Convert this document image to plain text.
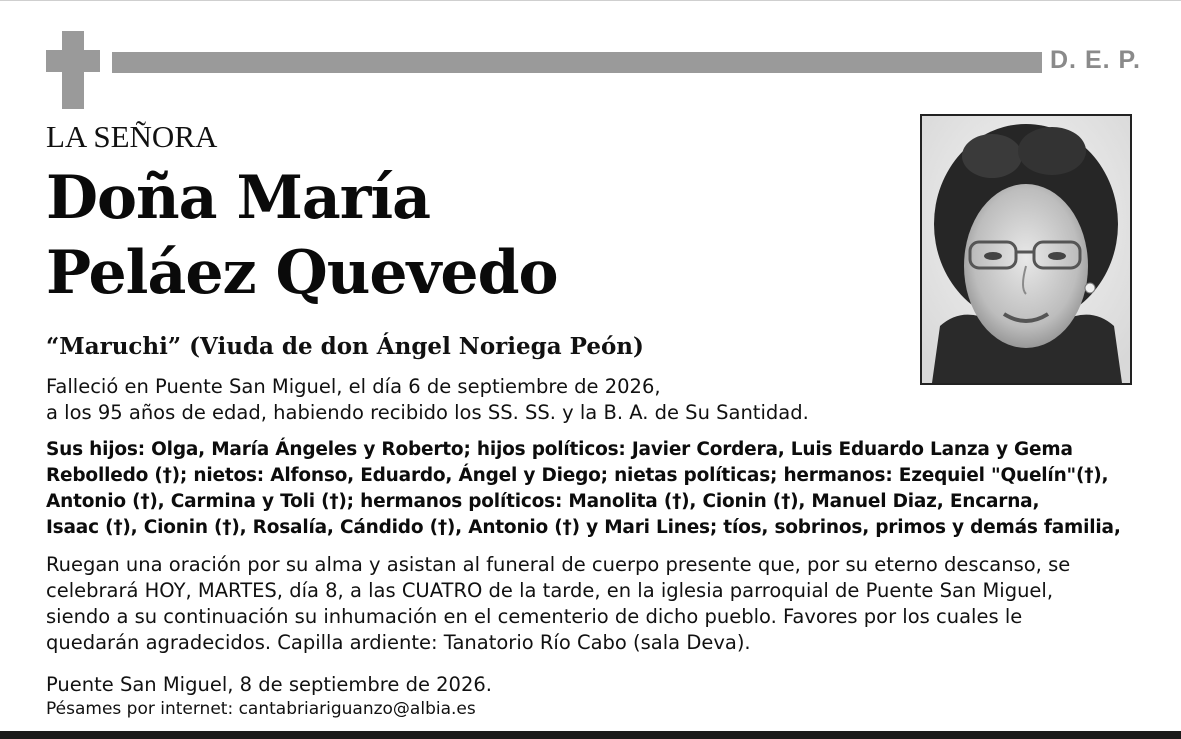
D. E. P.
LA SEÑORA
Doña María
Peláez Quevedo
“Maruchi” (Viuda de don Ángel Noriega Peón)
Falleció en Puente San Miguel, el día 6 de septiembre de 2026,
a los 95 años de edad, habiendo recibido los SS. SS. y la B. A. de Su Santidad.
Sus hijos: Olga, María Ángeles y Roberto; hijos políticos: Javier Cordera, Luis Eduardo Lanza y Gema
Rebolledo (†); nietos: Alfonso, Eduardo, Ángel y Diego; nietas políticas; hermanos: Ezequiel "Quelín"(†),
Antonio (†), Carmina y Toli (†); hermanos políticos: Manolita (†), Cionin (†), Manuel Diaz, Encarna,
Isaac (†), Cionin (†), Rosalía, Cándido (†), Antonio (†) y Mari Lines; tíos, sobrinos, primos y demás familia,
Ruegan una oración por su alma y asistan al funeral de cuerpo presente que, por su eterno descanso, se
celebrará HOY, MARTES, día 8, a las CUATRO de la tarde, en la iglesia parroquial de Puente San Miguel,
siendo a su continuación su inhumación en el cementerio de dicho pueblo. Favores por los cuales le
quedarán agradecidos. Capilla ardiente: Tanatorio Río Cabo (sala Deva).
Puente San Miguel, 8 de septiembre de 2026.
Pésames por internet: cantabriariguanzo@albia.es
